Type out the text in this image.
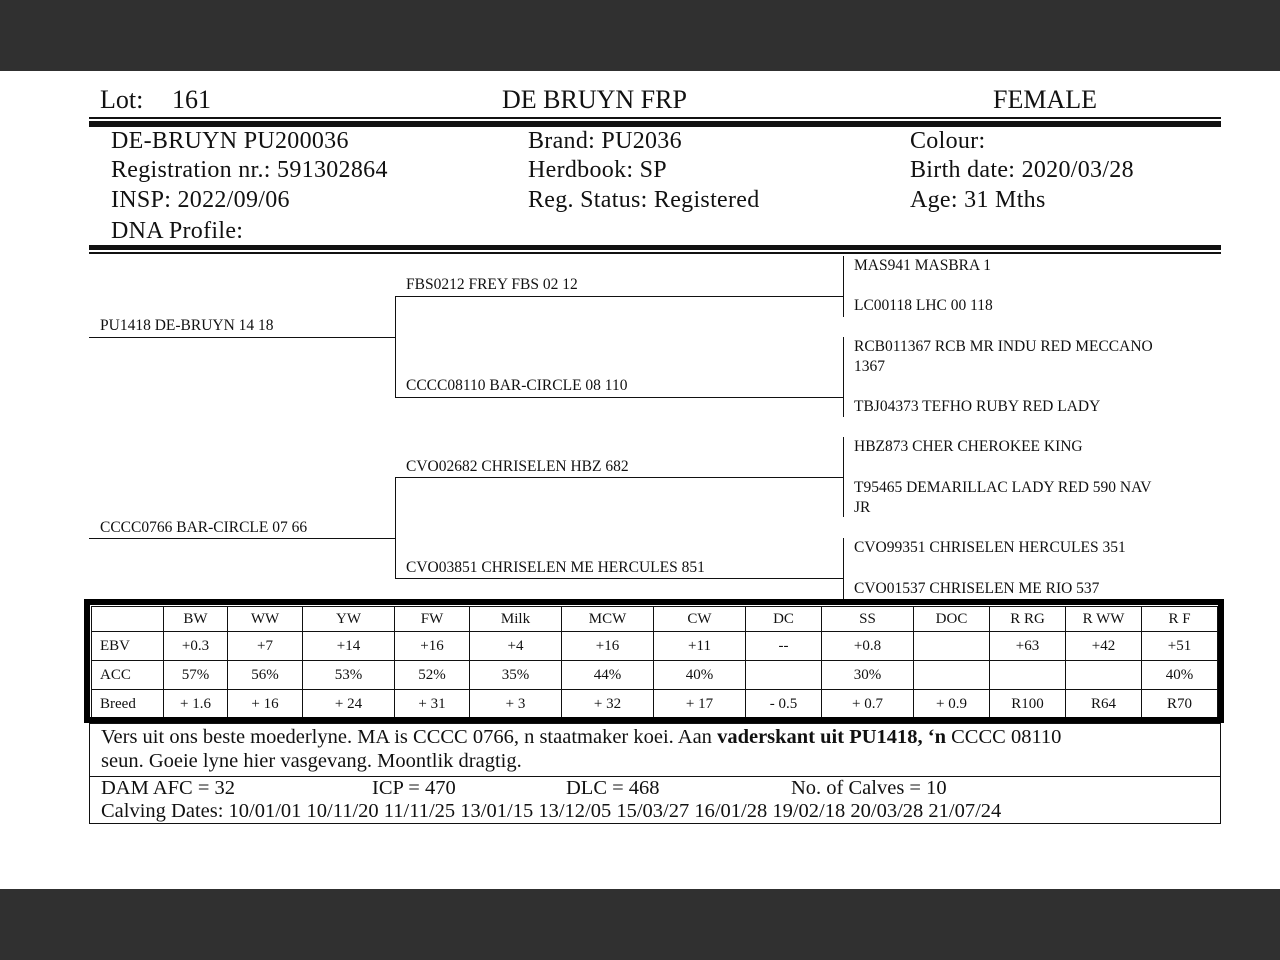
Lot: 161	DE BRUYN FRP	FEMALE
DE-BRUYN PU200036
Registration nr.: 591302864
INSP: 2022/09/06
DNA Profile:
Brand: PU2036
Herdbook: SP
Reg. Status: Registered
Colour:
Birth date: 2020/03/28
Age: 31 Mths
PU1418 DE-BRUYN 14 18
CCCC0766 BAR-CIRCLE 07 66
FBS0212 FREY FBS 02 12
CCCC08110 BAR-CIRCLE 08 110
CVO02682 CHRISELEN HBZ 682
CVO03851 CHRISELEN ME HERCULES 851
MAS941 MASBRA 1
LC00118 LHC 00 118
RCB011367 RCB MR INDU RED MECCANO
1367
TBJ04373 TEFHO RUBY RED LADY
HBZ873 CHER CHEROKEE KING
T95465 DEMARILLAC LADY RED 590 NAV
JR
CVO99351 CHRISELEN HERCULES 351
CVO01537 CHRISELEN ME RIO 537
	BW	WW	YW	FW	Milk	MCW	CW	DC	SS	DOC	R RG	R WW	R F
EBV	+0.3	+7	+14	+16	+4	+16	+11	--	+0.8		+63	+42	+51
ACC	57%	56%	53%	52%	35%	44%	40%		30%				40%
Breed	+ 1.6	+ 16	+ 24	+ 31	+ 3	+ 32	+ 17	- 0.5	+ 0.7	+ 0.9	R100	R64	R70
Vers uit ons beste moederlyne. MA is CCCC 0766, n staatmaker koei. Aan vaderskant uit PU1418, ‘n CCCC 08110
seun. Goeie lyne hier vasgevang. Moontlik dragtig.
DAM AFC = 32	ICP = 470	DLC = 468	No. of Calves = 10
Calving Dates: 10/01/01 10/11/20 11/11/25 13/01/15 13/12/05 15/03/27 16/01/28 19/02/18 20/03/28 21/07/24
